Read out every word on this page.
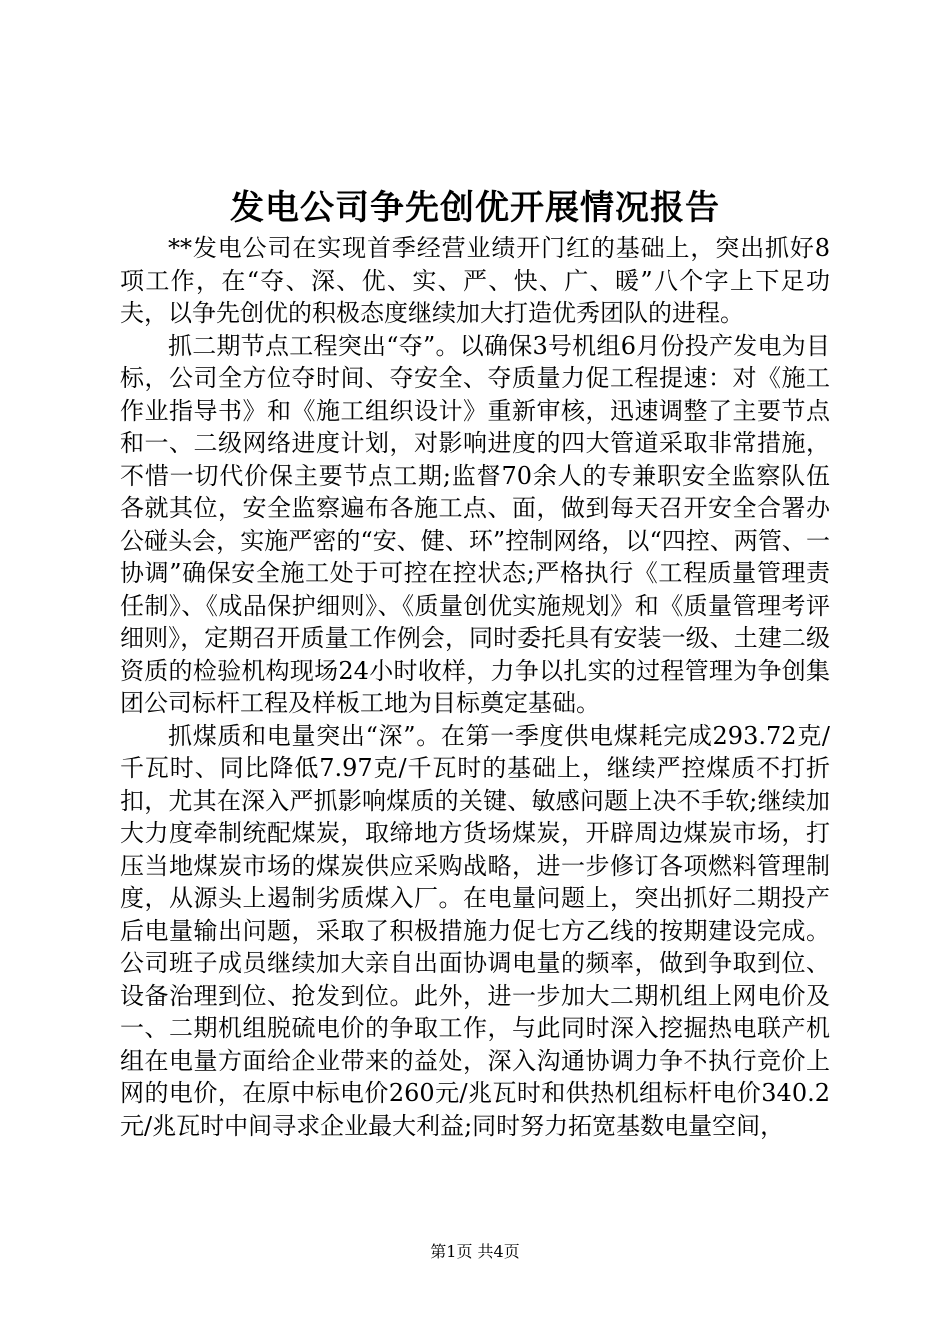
发电公司争先创优开展情况报告

**发电公司在实现首季经营业绩开门红的基础上，突出抓好8项工作，在“夺、深、优、实、严、快、广、暖”八个字上下足功夫，以争先创优的积极态度继续加大打造优秀团队的进程。

抓二期节点工程突出“夺”。以确保3号机组6月份投产发电为目标，公司全方位夺时间、夺安全、夺质量力促工程提速：对《施工作业指导书》和《施工组织设计》重新审核，迅速调整了主要节点和一、二级网络进度计划，对影响进度的四大管道采取非常措施，不惜一切代价保主要节点工期;监督70余人的专兼职安全监察队伍各就其位，安全监察遍布各施工点、面，做到每天召开安全合署办公碰头会，实施严密的“安、健、环”控制网络，以“四控、两管、一协调”确保安全施工处于可控在控状态;严格执行《工程质量管理责任制》、《成品保护细则》、《质量创优实施规划》和《质量管理考评细则》，定期召开质量工作例会，同时委托具有安装一级、土建二级资质的检验机构现场24小时收样，力争以扎实的过程管理为争创集团公司标杆工程及样板工地为目标奠定基础。

抓煤质和电量突出“深”。在第一季度供电煤耗完成293.72克/千瓦时、同比降低7.97克/千瓦时的基础上，继续严控煤质不打折扣，尤其在深入严抓影响煤质的关键、敏感问题上决不手软;继续加大力度牵制统配煤炭，取缔地方货场煤炭，开辟周边煤炭市场，打压当地煤炭市场的煤炭供应采购战略，进一步修订各项燃料管理制度，从源头上遏制劣质煤入厂。在电量问题上，突出抓好二期投产后电量输出问题，采取了积极措施力促七方乙线的按期建设完成。公司班子成员继续加大亲自出面协调电量的频率，做到争取到位、设备治理到位、抢发到位。此外，进一步加大二期机组上网电价及一、二期机组脱硫电价的争取工作，与此同时深入挖掘热电联产机组在电量方面给企业带来的益处，深入沟通协调力争不执行竞价上网的电价，在原中标电价260元/兆瓦时和供热机组标杆电价340.2元/兆瓦时中间寻求企业最大利益;同时努力拓宽基数电量空间，

第1页 共4页
